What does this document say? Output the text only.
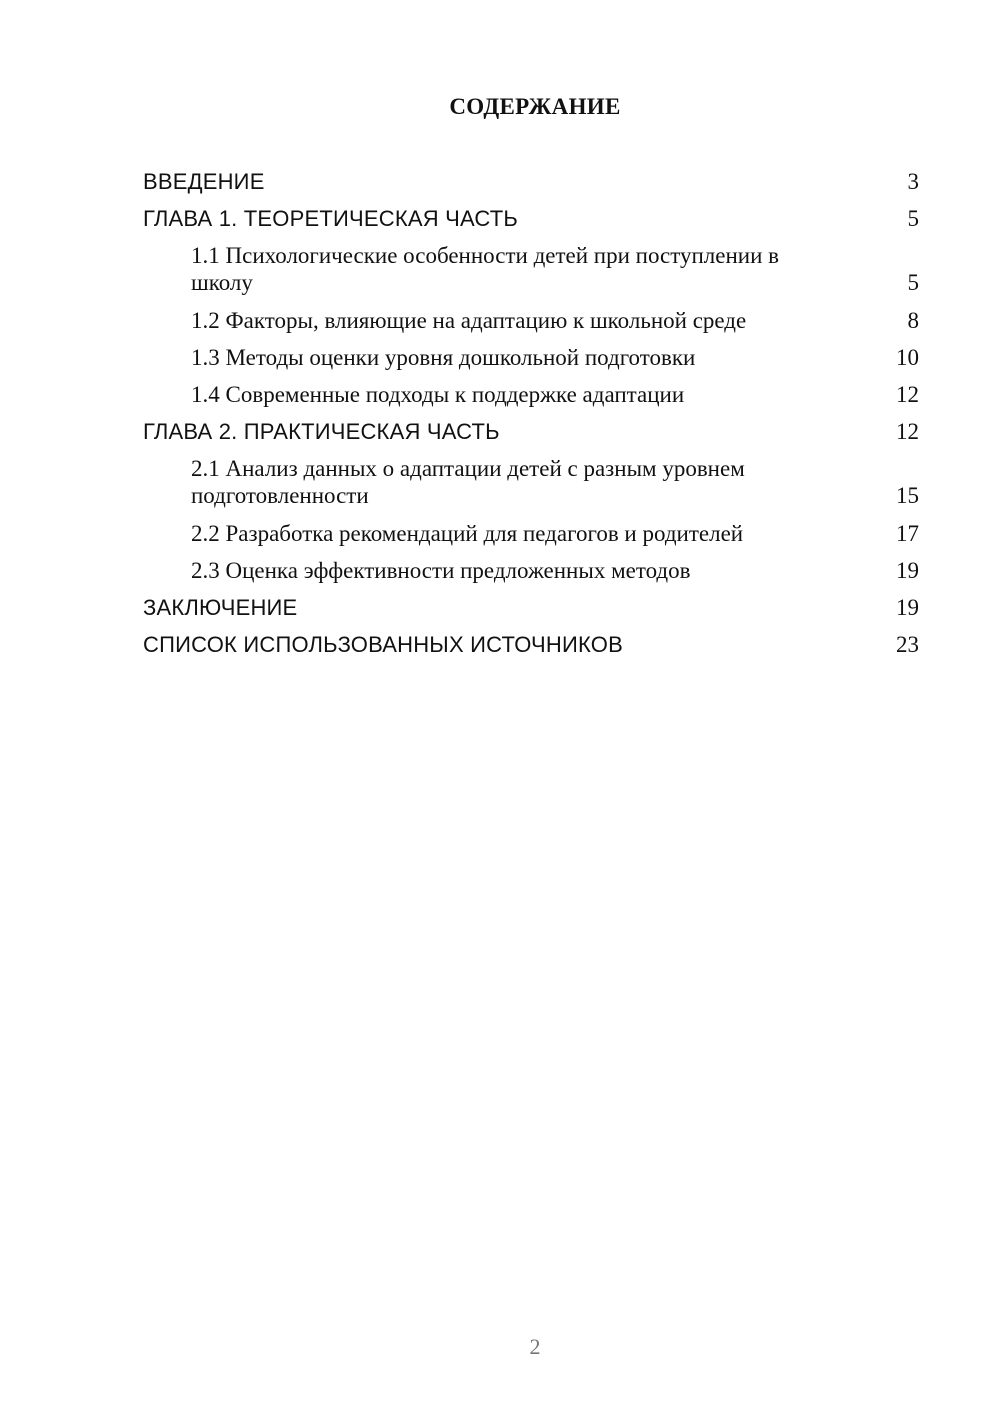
СОДЕРЖАНИЕ
ВВЕДЕНИЕ	3
ГЛАВА 1. ТЕОРЕТИЧЕСКАЯ ЧАСТЬ	5
1.1 Психологические особенности детей при поступлении в школу	5
1.2 Факторы, влияющие на адаптацию к школьной среде	8
1.3 Методы оценки уровня дошкольной подготовки	10
1.4 Современные подходы к поддержке адаптации	12
ГЛАВА 2. ПРАКТИЧЕСКАЯ ЧАСТЬ	12
2.1 Анализ данных о адаптации детей с разным уровнем подготовленности	15
2.2 Разработка рекомендаций для педагогов и родителей	17
2.3 Оценка эффективности предложенных методов	19
ЗАКЛЮЧЕНИЕ	19
СПИСОК ИСПОЛЬЗОВАННЫХ ИСТОЧНИКОВ	23
2
